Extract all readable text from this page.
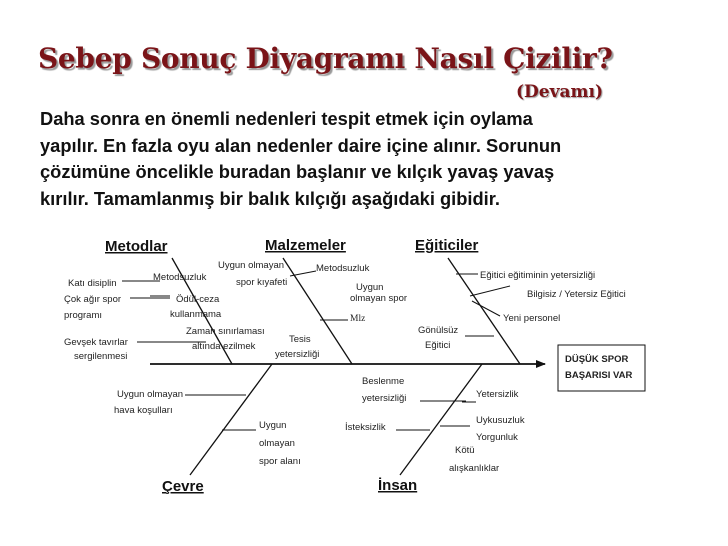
Sebep Sonuç Diyagramı Nasıl Çizilir?
(Devamı)
Daha sonra en önemli nedenleri tespit etmek için oylama
yapılır. En fazla oyu alan nedenler daire içine alınır. Sorunun
çözümüne öncelikle buradan başlanır ve kılçık yavaş yavaş
kırılır. Tamamlanmış bir balık kılçığı aşağıdaki gibidir.
DÜŞÜK SPOR
BAŞARISI VAR
Metodlar	Malzemeler	Eğiticiler
Çevre	İnsan
Katı disiplin
Metodsuzluk
Çok ağır spor
programı
Ödül-ceza
kullanmama
Gevşek tavırlar
sergilenmesi
Zaman sınırlaması
altında ezilmek
Uygun olmayan
spor kıyafeti
Metodsuzluk
Uygun
olmayan spor
Mlz
Tesis
yetersizliği
Eğitici eğitiminin yetersizliği
Bilgisiz / Yetersiz Eğitici
Yeni personel
Gönülsüz
Eğitici
Uygun olmayan
hava koşulları
Uygun
olmayan
spor alanı
Beslenme
yetersizliği	Yetersizlik
İsteksizlik
Uykusuzluk
Yorgunluk
Kötü
alışkanlıklar
